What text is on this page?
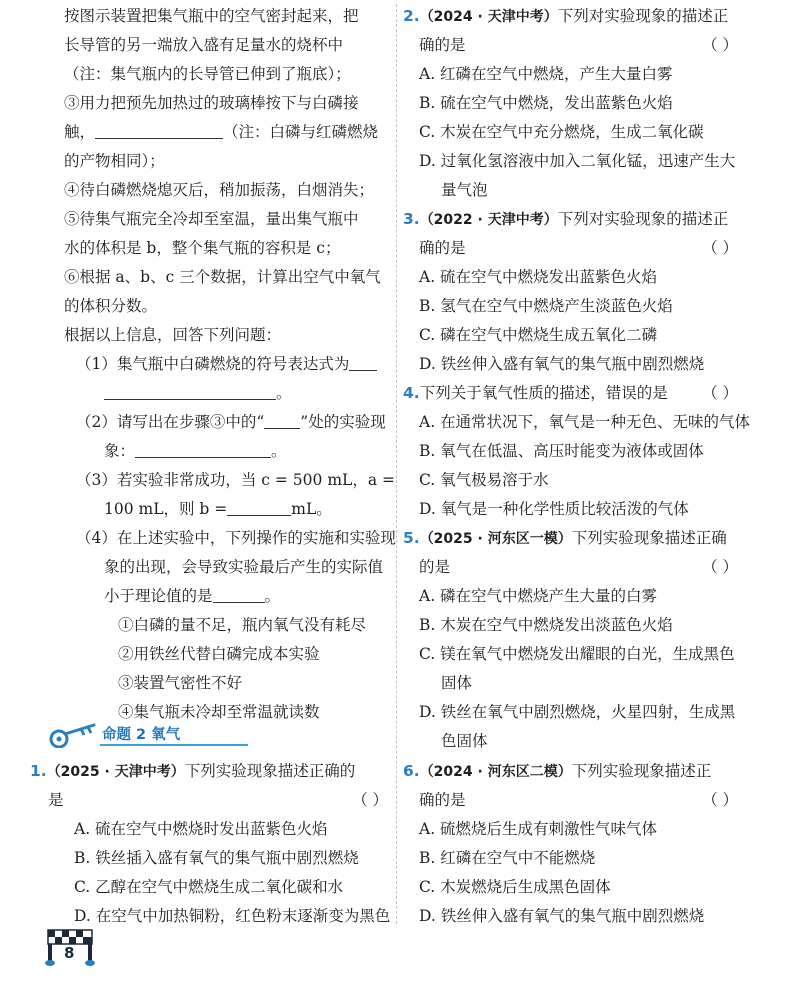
按图示装置把集气瓶中的空气密封起来，把
长导管的另一端放入盛有足量水的烧杯中
（注：集气瓶内的长导管已伸到了瓶底）；
③用力把预先加热过的玻璃棒按下与白磷接
触，	（注：白磷与红磷燃烧
的产物相同）；
④待白磷燃烧熄灭后，稍加振荡，白烟消失；
⑤待集气瓶完全冷却至室温，量出集气瓶中
水的体积是 b，整个集气瓶的容积是 c；
⑥根据 a、b、c 三个数据，计算出空气中氧气
的体积分数。
根据以上信息，回答下列问题：
（1）集气瓶中白磷燃烧的符号表达式为
。
（2）请写出在步骤③中的“ ”处的实验现
象：	。
（3）若实验非常成功，当 c = 500 mL，a =
100 mL，则 b =	mL。
（4）在上述实验中，下列操作的实施和实验现
象的出现，会导致实验最后产生的实际值
小于理论值的是	。
①白磷的量不足，瓶内氧气没有耗尽
②用铁丝代替白磷完成本实验
③装置气密性不好
④集气瓶未冷却至常温就读数
命题 2 氧气
1.（2025 · 天津中考）下列实验现象描述正确的
是	（ ）
A. 硫在空气中燃烧时发出蓝紫色火焰
B. 铁丝插入盛有氧气的集气瓶中剧烈燃烧
C. 乙醇在空气中燃烧生成二氧化碳和水
D. 在空气中加热铜粉，红色粉末逐渐变为黑色
2.（2024 · 天津中考）下列对实验现象的描述正
确的是	（ ）
A. 红磷在空气中燃烧，产生大量白雾
B. 硫在空气中燃烧，发出蓝紫色火焰
C. 木炭在空气中充分燃烧，生成二氧化碳
D. 过氧化氢溶液中加入二氧化锰，迅速产生大
量气泡
3.（2022 · 天津中考）下列对实验现象的描述正
确的是	（ ）
A. 硫在空气中燃烧发出蓝紫色火焰
B. 氢气在空气中燃烧产生淡蓝色火焰
C. 磷在空气中燃烧生成五氧化二磷
D. 铁丝伸入盛有氧气的集气瓶中剧烈燃烧
4.下列关于氧气性质的描述，错误的是 （ ）
A. 在通常状况下，氧气是一种无色、无味的气体
B. 氧气在低温、高压时能变为液体或固体
C. 氧气极易溶于水
D. 氧气是一种化学性质比较活泼的气体
5.（2025 · 河东区一模）下列实验现象描述正确
的是	（ ）
A. 磷在空气中燃烧产生大量的白雾
B. 木炭在空气中燃烧发出淡蓝色火焰
C. 镁在氧气中燃烧发出耀眼的白光，生成黑色
固体
D. 铁丝在氧气中剧烈燃烧，火星四射，生成黑
色固体
6.（2024 · 河东区二模）下列实验现象描述正
确的是	（ ）
A. 硫燃烧后生成有刺激性气味气体
B. 红磷在空气中不能燃烧
C. 木炭燃烧后生成黑色固体
D. 铁丝伸入盛有氧气的集气瓶中剧烈燃烧
8
